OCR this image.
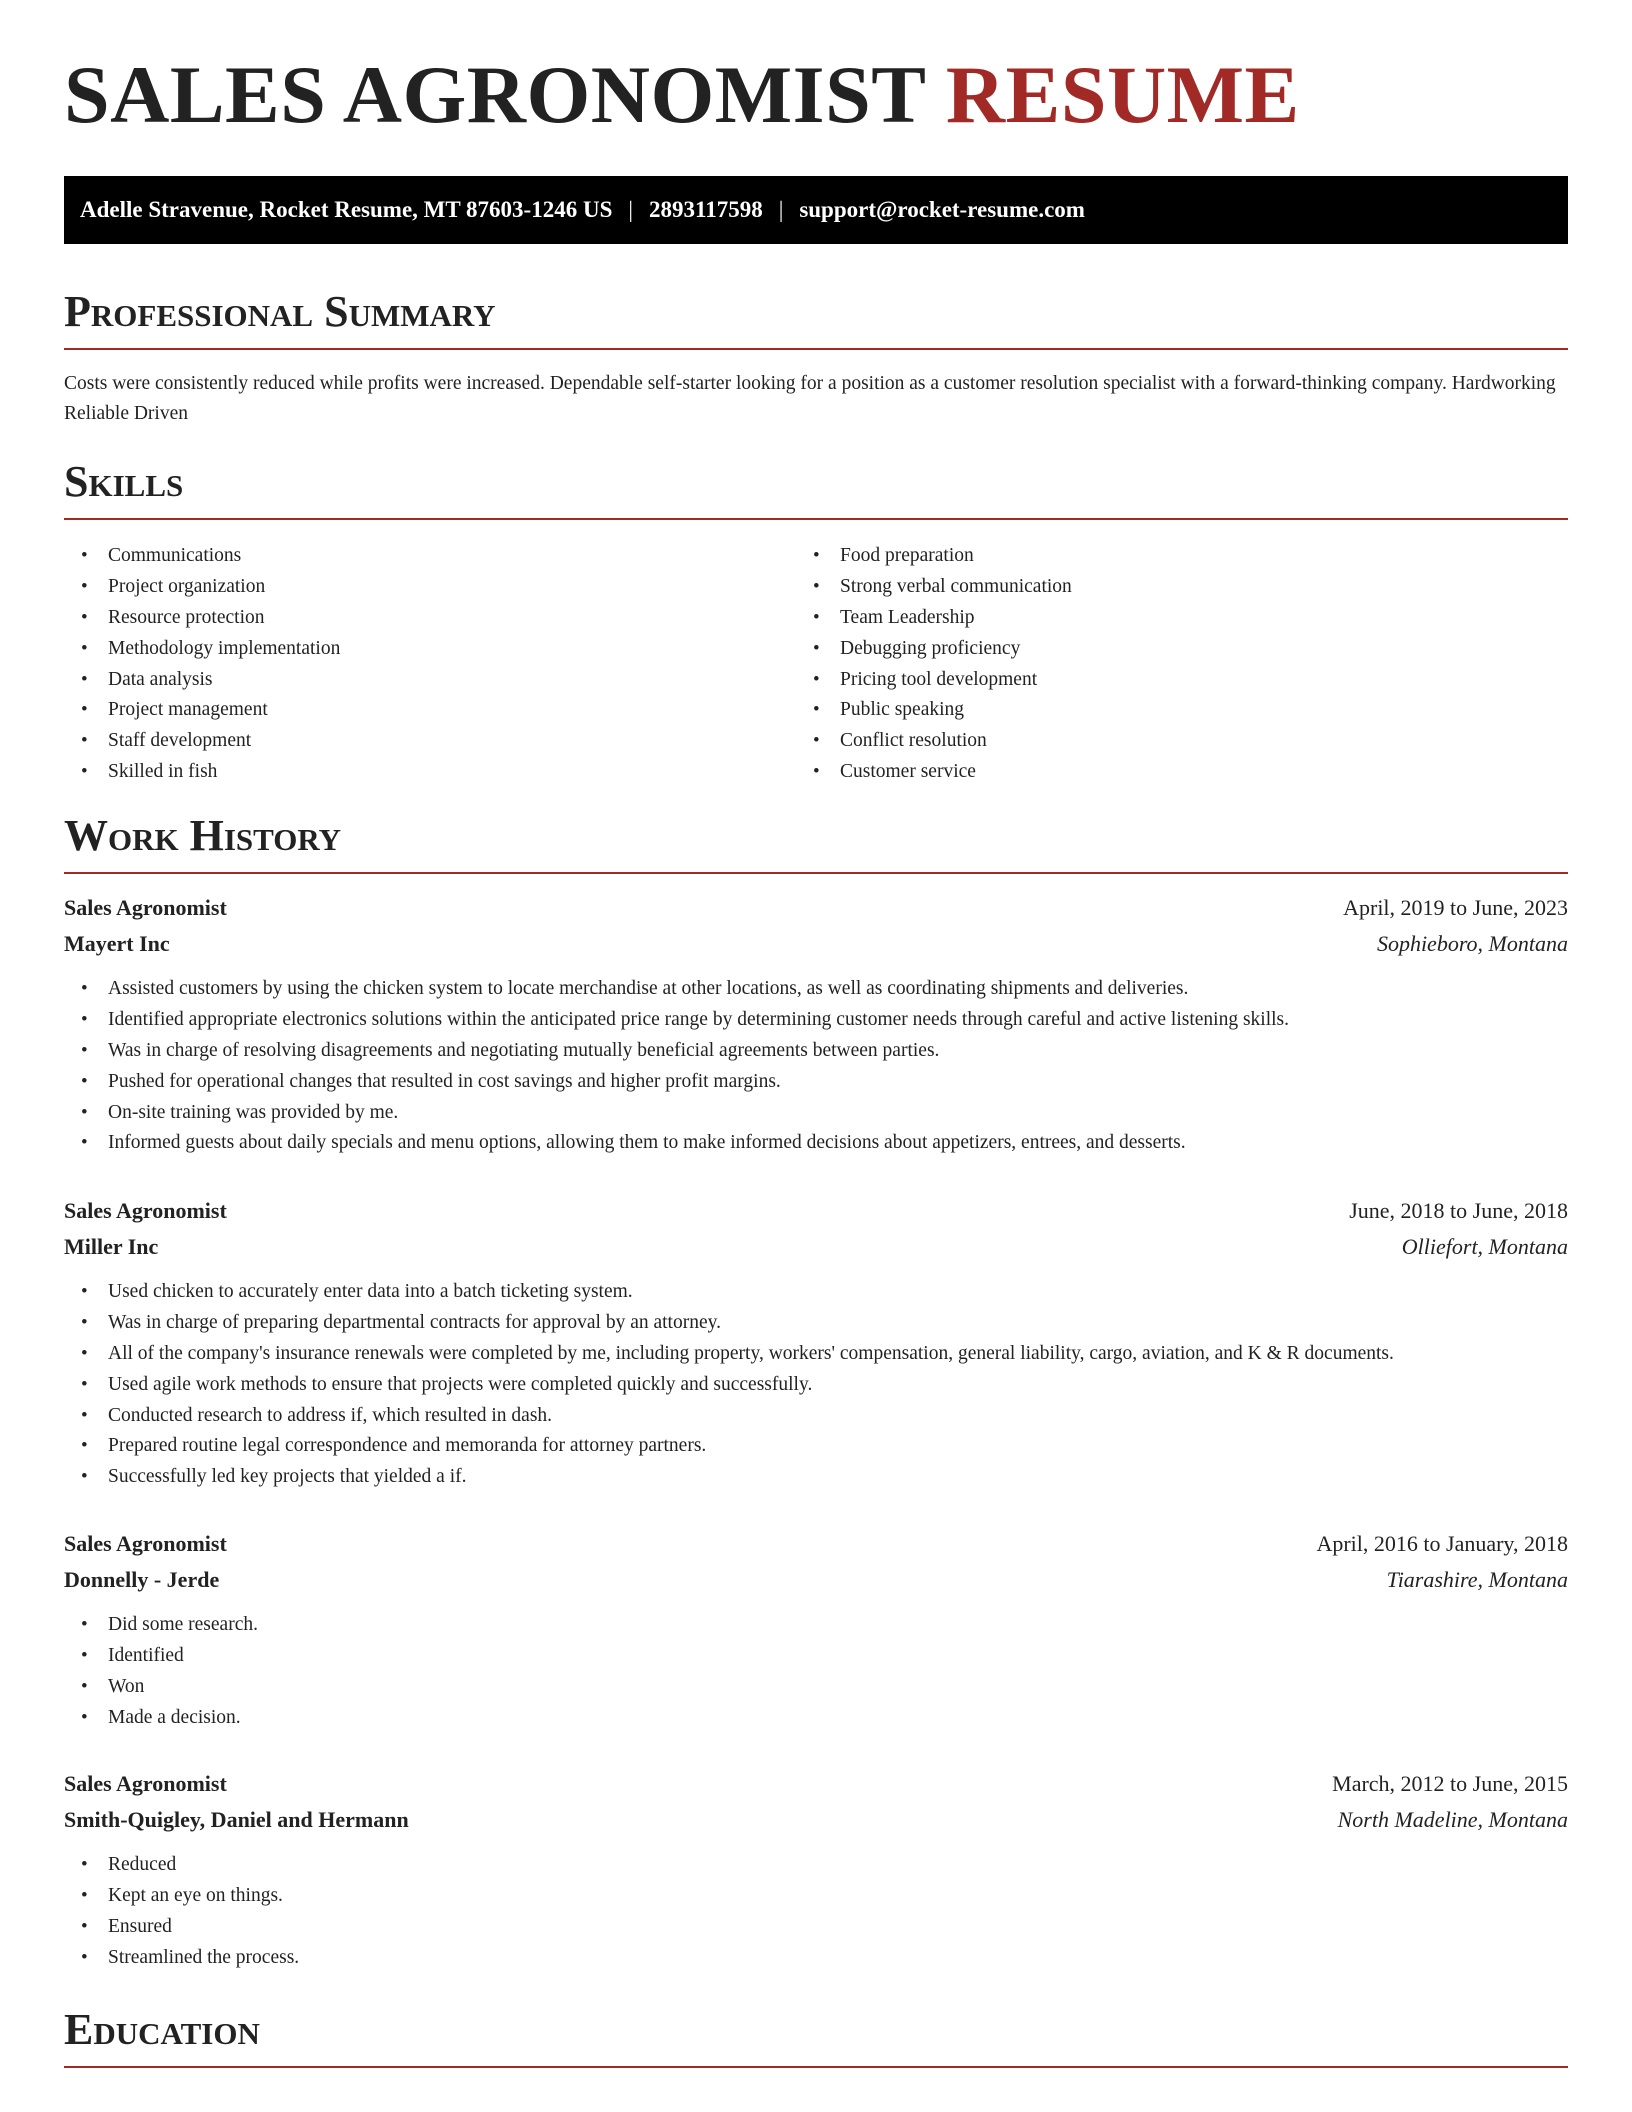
SALES AGRONOMIST RESUME
Adelle Stravenue, Rocket Resume, MT 87603-1246 US | 2893117598 | support@rocket-resume.com
Professional Summary
Costs were consistently reduced while profits were increased. Dependable self-starter looking for a position as a customer resolution specialist with a forward-thinking company. Hardworking Reliable Driven
Skills
• Communications
• Project organization
• Resource protection
• Methodology implementation
• Data analysis
• Project management
• Staff development
• Skilled in fish
• Food preparation
• Strong verbal communication
• Team Leadership
• Debugging proficiency
• Pricing tool development
• Public speaking
• Conflict resolution
• Customer service
Work History
Sales Agronomist	April, 2019 to June, 2023
Mayert Inc	Sophieboro, Montana
• Assisted customers by using the chicken system to locate merchandise at other locations, as well as coordinating shipments and deliveries.
• Identified appropriate electronics solutions within the anticipated price range by determining customer needs through careful and active listening skills.
• Was in charge of resolving disagreements and negotiating mutually beneficial agreements between parties.
• Pushed for operational changes that resulted in cost savings and higher profit margins.
• On-site training was provided by me.
• Informed guests about daily specials and menu options, allowing them to make informed decisions about appetizers, entrees, and desserts.
Sales Agronomist	June, 2018 to June, 2018
Miller Inc	Olliefort, Montana
• Used chicken to accurately enter data into a batch ticketing system.
• Was in charge of preparing departmental contracts for approval by an attorney.
• All of the company's insurance renewals were completed by me, including property, workers' compensation, general liability, cargo, aviation, and K & R documents.
• Used agile work methods to ensure that projects were completed quickly and successfully.
• Conducted research to address if, which resulted in dash.
• Prepared routine legal correspondence and memoranda for attorney partners.
• Successfully led key projects that yielded a if.
Sales Agronomist	April, 2016 to January, 2018
Donnelly - Jerde	Tiarashire, Montana
• Did some research.
• Identified
• Won
• Made a decision.
Sales Agronomist	March, 2012 to June, 2015
Smith-Quigley, Daniel and Hermann	North Madeline, Montana
• Reduced
• Kept an eye on things.
• Ensured
• Streamlined the process.
Education
